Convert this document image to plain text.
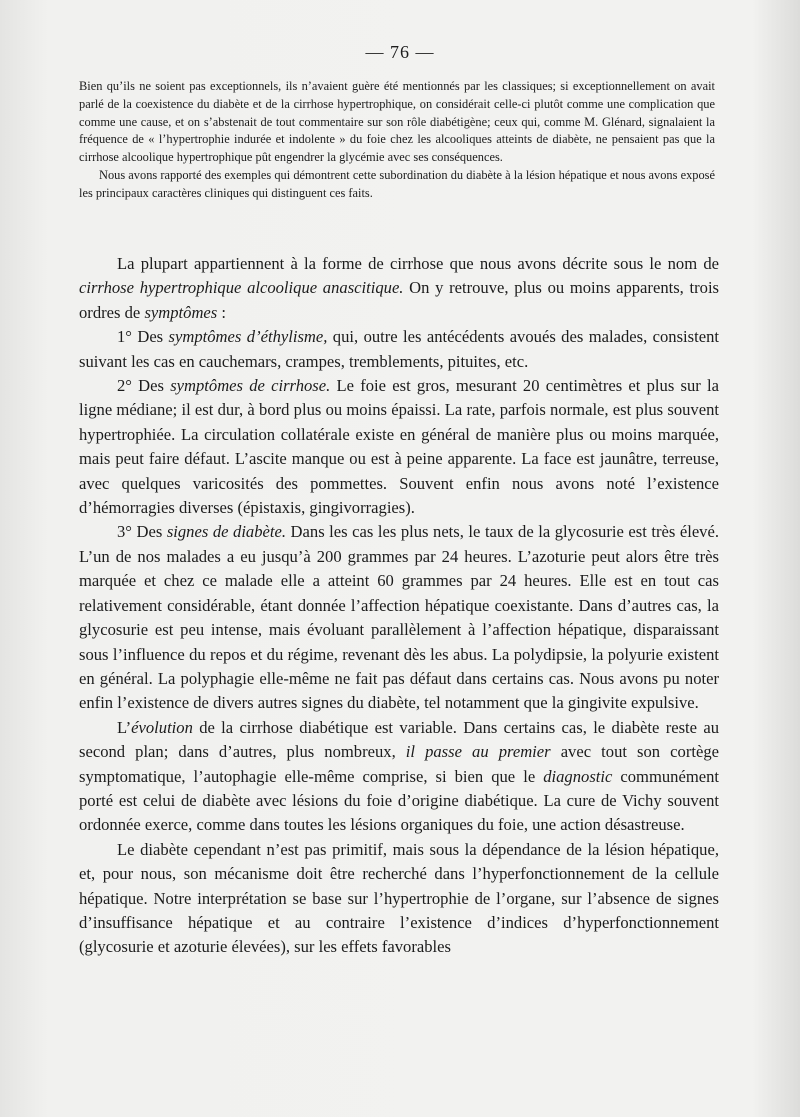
— 76 —

Bien qu’ils ne soient pas exceptionnels, ils n’avaient guère été mentionnés par les classiques; si exceptionnellement on avait parlé de la coexistence du diabète et de la cirrhose hypertrophique, on considérait celle-ci plutôt comme une complication que comme une cause, et on s’abstenait de tout commentaire sur son rôle diabétigène; ceux qui, comme M. Glénard, signalaient la fréquence de « l’hypertrophie indurée et indolente » du foie chez les alcooliques atteints de diabète, ne pensaient pas que la cirrhose alcoolique hypertrophique pût engendrer la glycémie avec ses conséquences.

Nous avons rapporté des exemples qui démontrent cette subordination du diabète à la lésion hépatique et nous avons exposé les principaux caractères cliniques qui distinguent ces faits.

La plupart appartiennent à la forme de cirrhose que nous avons décrite sous le nom de cirrhose hypertrophique alcoolique anascitique. On y retrouve, plus ou moins apparents, trois ordres de symptômes :

1° Des symptômes d’éthylisme, qui, outre les antécédents avoués des malades, consistent suivant les cas en cauchemars, crampes, tremblements, pituites, etc.

2° Des symptômes de cirrhose. Le foie est gros, mesurant 20 centimètres et plus sur la ligne médiane; il est dur, à bord plus ou moins épaissi. La rate, parfois normale, est plus souvent hypertrophiée. La circulation collatérale existe en général de manière plus ou moins marquée, mais peut faire défaut. L’ascite manque ou est à peine apparente. La face est jaunâtre, terreuse, avec quelques varicosités des pommettes. Souvent enfin nous avons noté l’existence d’hémorragies diverses (épistaxis, gingivorragies).

3° Des signes de diabète. Dans les cas les plus nets, le taux de la glycosurie est très élevé. L’un de nos malades a eu jusqu’à 200 grammes par 24 heures. L’azoturie peut alors être très marquée et chez ce malade elle a atteint 60 grammes par 24 heures. Elle est en tout cas relativement considérable, étant donnée l’affection hépatique coexistante. Dans d’autres cas, la glycosurie est peu intense, mais évoluant parallèlement à l’affection hépatique, disparaissant sous l’influence du repos et du régime, revenant dès les abus. La polydipsie, la polyurie existent en général. La polyphagie elle-même ne fait pas défaut dans certains cas. Nous avons pu noter enfin l’existence de divers autres signes du diabète, tel notamment que la gingivite expulsive.

L’évolution de la cirrhose diabétique est variable. Dans certains cas, le diabète reste au second plan; dans d’autres, plus nombreux, il passe au premier avec tout son cortège symptomatique, l’autophagie elle-même comprise, si bien que le diagnostic communément porté est celui de diabète avec lésions du foie d’origine diabétique. La cure de Vichy souvent ordonnée exerce, comme dans toutes les lésions organiques du foie, une action désastreuse.

Le diabète cependant n’est pas primitif, mais sous la dépendance de la lésion hépatique, et, pour nous, son mécanisme doit être recherché dans l’hyperfonctionnement de la cellule hépatique. Notre interprétation se base sur l’hypertrophie de l’organe, sur l’absence de signes d’insuffisance hépatique et au contraire l’existence d’indices d’hyperfonctionnement (glycosurie et azoturie élevées), sur les effets favorables
